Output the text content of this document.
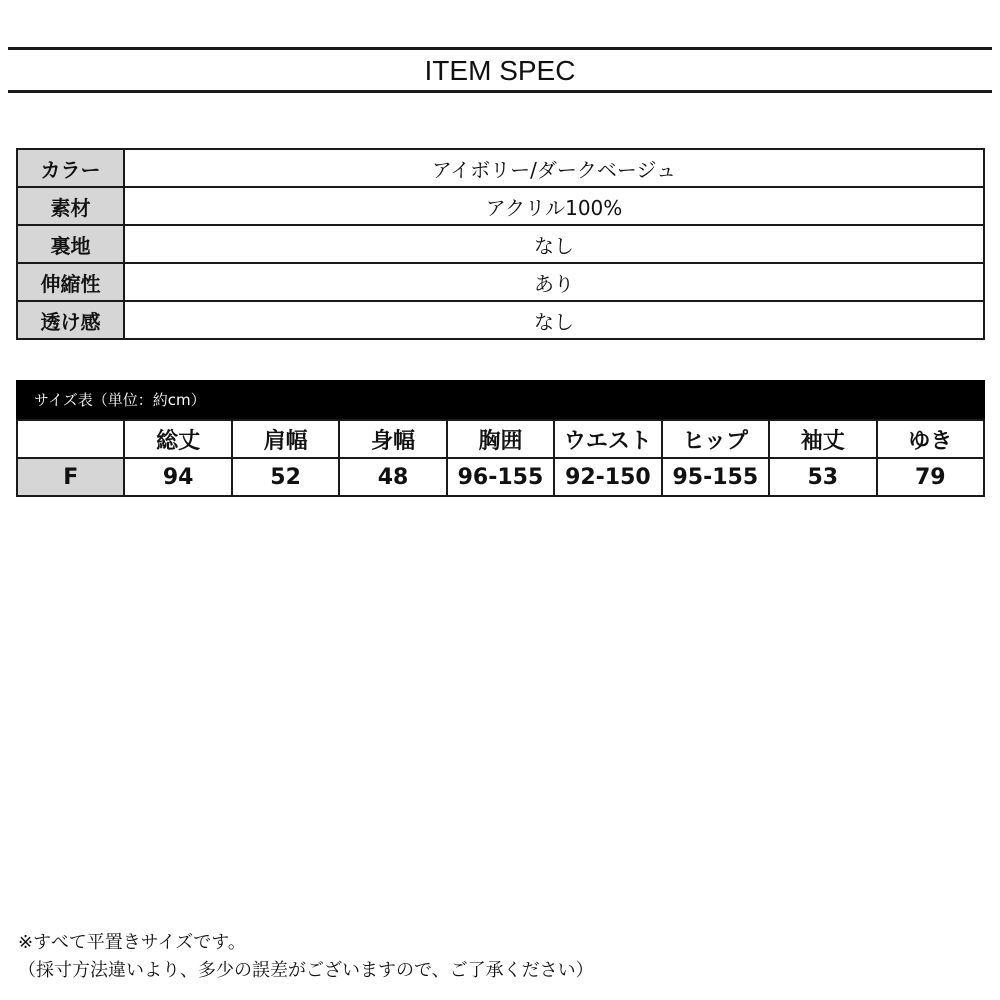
ITEM SPEC
カラー	アイボリー/ダークベージュ
素材	アクリル100%
裏地	なし
伸縮性	あり
透け感	なし
サイズ表（単位：約cm）
	総丈	肩幅	身幅	胸囲	ウエスト	ヒップ	袖丈	ゆき
F	94	52	48	96-155	92-150	95-155	53	79
※すべて平置きサイズです。
（採寸方法違いより、多少の誤差がございますので、ご了承ください）
